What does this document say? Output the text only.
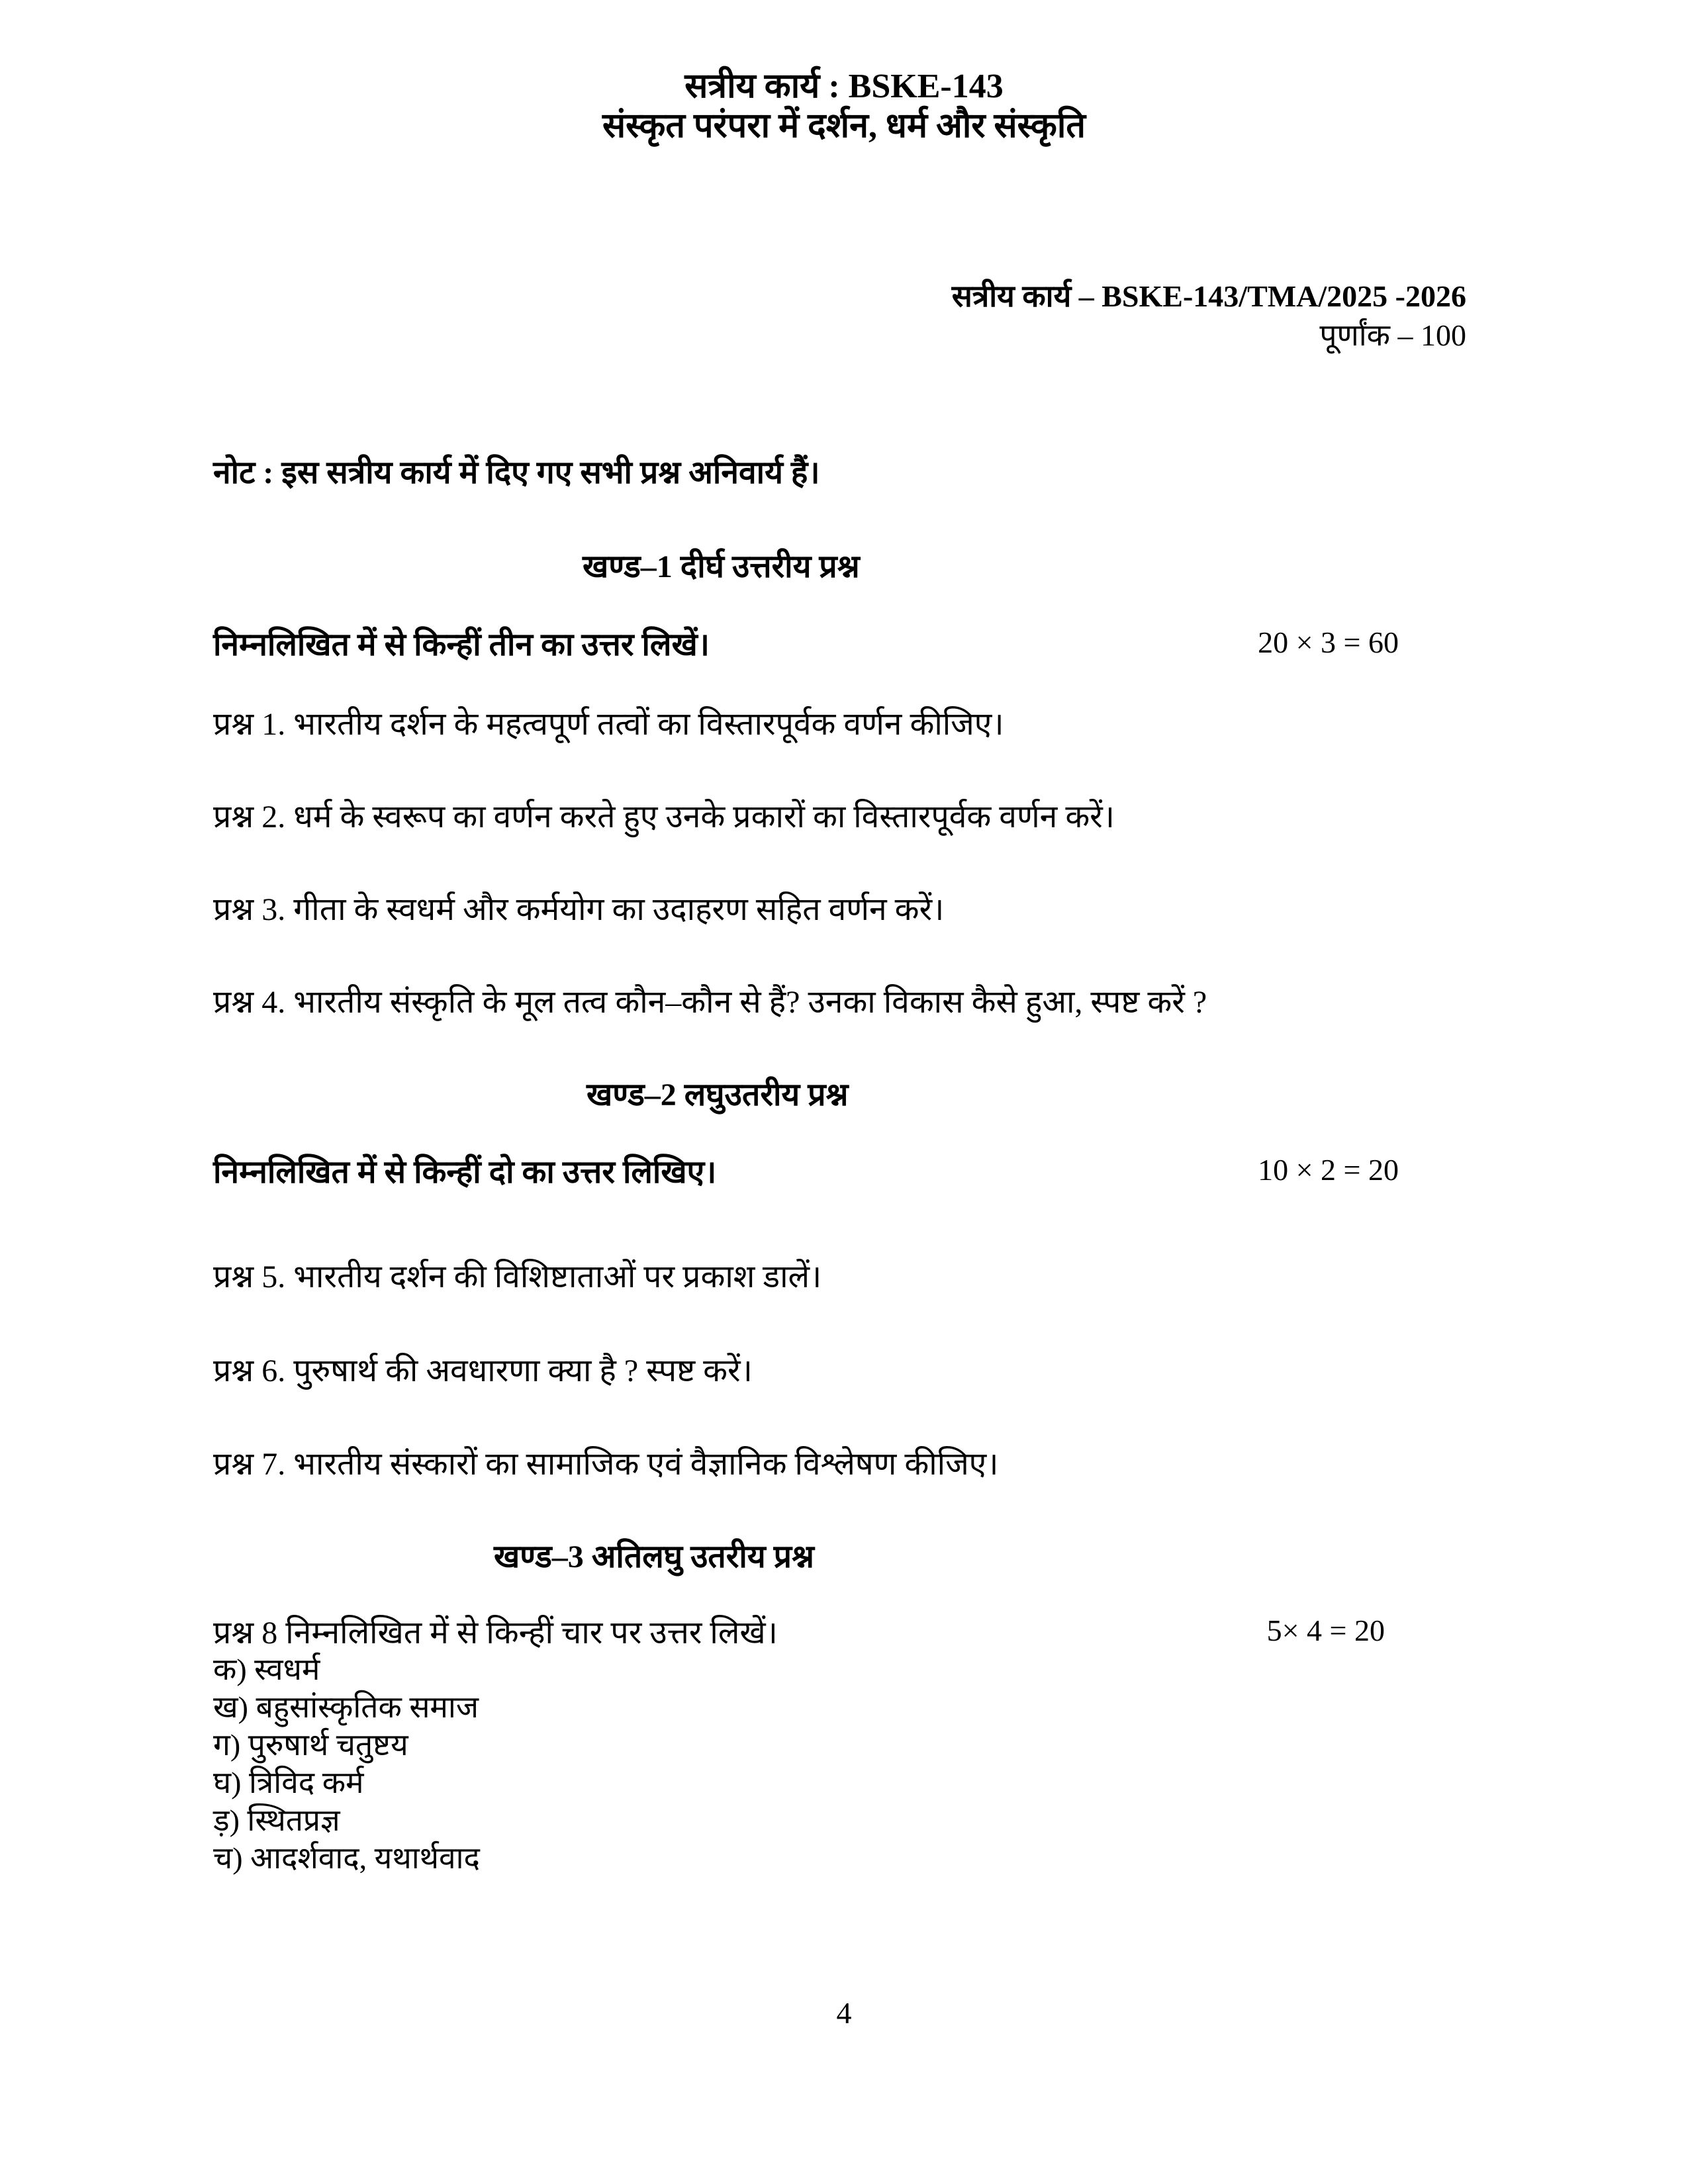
सत्रीय कार्य : BSKE-143
संस्कृत परंपरा में दर्शन, धर्म और संस्कृति
सत्रीय कार्य – BSKE-143/TMA/2025 -2026
पूर्णांक – 100
नोट : इस सत्रीय कार्य में दिए गए सभी प्रश्न अनिवार्य हैं।
खण्ड–1 दीर्घ उत्तरीय प्रश्न
निम्नलिखित में से किन्हीं तीन का उत्तर लिखें।	20 × 3 = 60
प्रश्न 1. भारतीय दर्शन के महत्वपूर्ण तत्वों का विस्तारपूर्वक वर्णन कीजिए।
प्रश्न 2. धर्म के स्वरूप का वर्णन करते हुए उनके प्रकारों का विस्तारपूर्वक वर्णन करें।
प्रश्न 3. गीता के स्वधर्म और कर्मयोग का उदाहरण सहित वर्णन करें।
प्रश्न 4. भारतीय संस्कृति के मूल तत्व कौन–कौन से हैं? उनका विकास कैसे हुआ, स्पष्ट करें ?
खण्ड–2 लघुउतरीय प्रश्न
निम्नलिखित में से किन्हीं दो का उत्तर लिखिए।	10 × 2 = 20
प्रश्न 5. भारतीय दर्शन की विशिष्टाताओं पर प्रकाश डालें।
प्रश्न 6. पुरुषार्थ की अवधारणा क्या है ? स्पष्ट करें।
प्रश्न 7. भारतीय संस्कारों का सामाजिक एवं वैज्ञानिक विश्लेषण कीजिए।
खण्ड–3 अतिलघु उतरीय प्रश्न
प्रश्न 8 निम्नलिखित में से किन्हीं चार पर उत्तर लिखें।	5× 4 = 20
क) स्वधर्म
ख) बहुसांस्कृतिक समाज
ग) पुरुषार्थ चतुष्टय
घ) त्रिविद कर्म
ड़) स्थितप्रज्ञ
च) आदर्शवाद, यथार्थवाद
4
